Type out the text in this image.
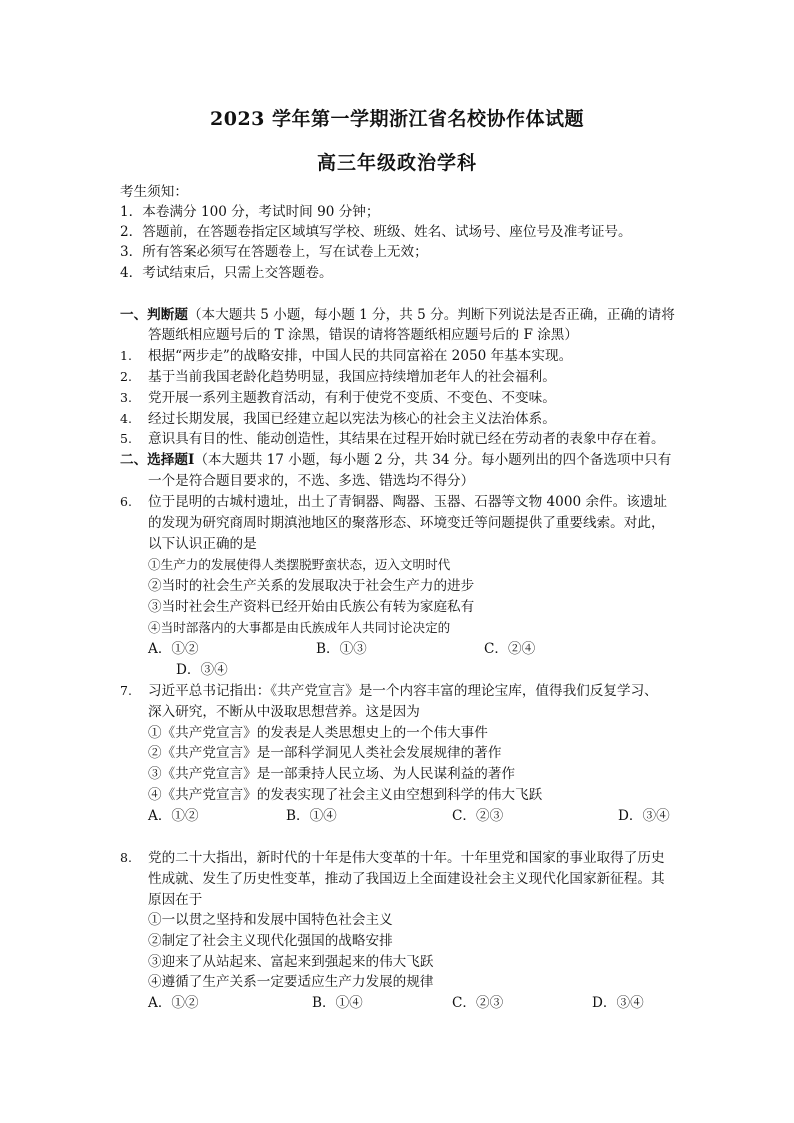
2023 学年第一学期浙江省名校协作体试题
高三年级政治学科
考生须知：
1．本卷满分 100 分，考试时间 90 分钟；
2．答题前，在答题卷指定区域填写学校、班级、姓名、试场号、座位号及准考证号。
3．所有答案必须写在答题卷上，写在试卷上无效；
4．考试结束后，只需上交答题卷。
一、判断题（本大题共 5 小题，每小题 1 分，共 5 分。判断下列说法是否正确，正确的请将
答题纸相应题号后的 T 涂黑，错误的请将答题纸相应题号后的 F 涂黑）
1. 根据“两步走”的战略安排，中国人民的共同富裕在 2050 年基本实现。
2. 基于当前我国老龄化趋势明显，我国应持续增加老年人的社会福利。
3. 党开展一系列主题教育活动，有利于使党不变质、不变色、不变味。
4. 经过长期发展，我国已经建立起以宪法为核心的社会主义法治体系。
5. 意识具有目的性、能动创造性，其结果在过程开始时就已经在劳动者的表象中存在着。
二、选择题Ⅰ（本大题共 17 小题，每小题 2 分，共 34 分。每小题列出的四个备选项中只有
一个是符合题目要求的，不选、多选、错选均不得分）
6. 位于昆明的古城村遗址，出土了青铜器、陶器、玉器、石器等文物 4000 余件。该遗址
的发现为研究商周时期滇池地区的聚落形态、环境变迁等问题提供了重要线索。对此，
以下认识正确的是
①生产力的发展使得人类摆脱野蛮状态，迈入文明时代
②当时的社会生产关系的发展取决于社会生产力的进步
③当时社会生产资料已经开始由氏族公有转为家庭私有
④当时部落内的大事都是由氏族成年人共同讨论决定的
A．①②	B．①③	C．②④
D．③④
7. 习近平总书记指出：《共产党宣言》是一个内容丰富的理论宝库，值得我们反复学习、
深入研究，不断从中汲取思想营养。这是因为
①《共产党宣言》的发表是人类思想史上的一个伟大事件
②《共产党宣言》是一部科学洞见人类社会发展规律的著作
③《共产党宣言》是一部秉持人民立场、为人民谋利益的著作
④《共产党宣言》的发表实现了社会主义由空想到科学的伟大飞跃
A．①②	B．①④	C．②③	D．③④
8. 党的二十大指出，新时代的十年是伟大变革的十年。十年里党和国家的事业取得了历史
性成就、发生了历史性变革，推动了我国迈上全面建设社会主义现代化国家新征程。其
原因在于
①一以贯之坚持和发展中国特色社会主义
②制定了社会主义现代化强国的战略安排
③迎来了从站起来、富起来到强起来的伟大飞跃
④遵循了生产关系一定要适应生产力发展的规律
A．①②	B．①④	C．②③	D．③④
